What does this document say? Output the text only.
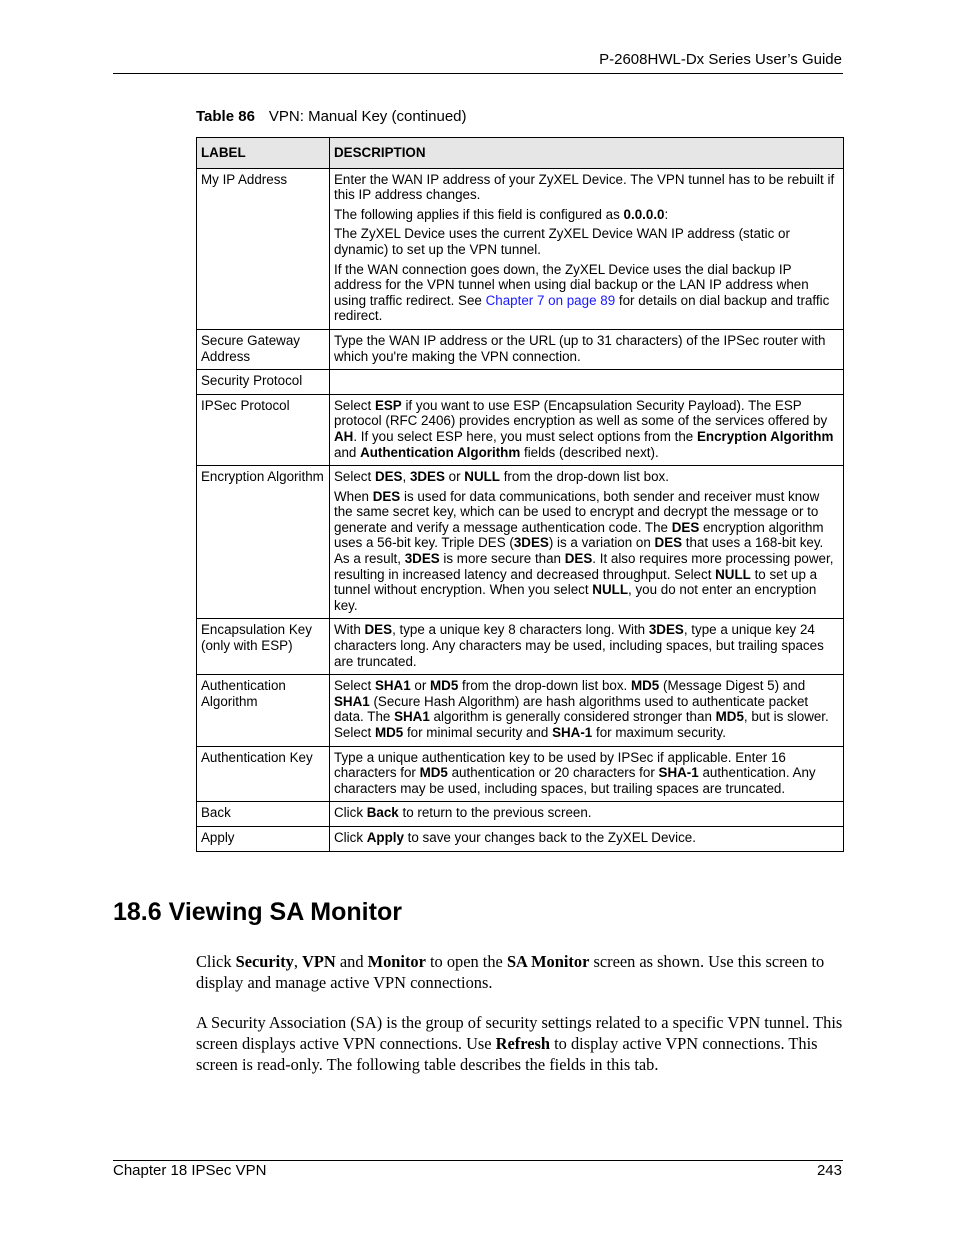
P-2608HWL-Dx Series User’s Guide
Table 86 VPN: Manual Key (continued)
LABEL	DESCRIPTION
My IP Address	Enter the WAN IP address of your ZyXEL Device. The VPN tunnel has to be rebuilt if this IP address changes.

The following applies if this field is configured as 0.0.0.0:

The ZyXEL Device uses the current ZyXEL Device WAN IP address (static or dynamic) to set up the VPN tunnel.

If the WAN connection goes down, the ZyXEL Device uses the dial backup IP address for the VPN tunnel when using dial backup or the LAN IP address when using traffic redirect. See Chapter 7 on page 89 for details on dial backup and traffic redirect.

Secure Gateway Address	Type the WAN IP address or the URL (up to 31 characters) of the IPSec router with which you're making the VPN connection.

Security Protocol	
IPSec Protocol	Select ESP if you want to use ESP (Encapsulation Security Payload). The ESP protocol (RFC 2406) provides encryption as well as some of the services offered by AH. If you select ESP here, you must select options from the Encryption Algorithm and Authentication Algorithm fields (described next).

Encryption Algorithm	Select DES, 3DES or NULL from the drop-down list box.

When DES is used for data communications, both sender and receiver must know the same secret key, which can be used to encrypt and decrypt the message or to generate and verify a message authentication code. The DES encryption algorithm uses a 56-bit key. Triple DES (3DES) is a variation on DES that uses a 168-bit key. As a result, 3DES is more secure than DES. It also requires more processing power, resulting in increased latency and decreased throughput. Select NULL to set up a tunnel without encryption. When you select NULL, you do not enter an encryption key.

Encapsulation Key (only with ESP)	With DES, type a unique key 8 characters long. With 3DES, type a unique key 24 characters long. Any characters may be used, including spaces, but trailing spaces are truncated.

Authentication Algorithm	Select SHA1 or MD5 from the drop-down list box. MD5 (Message Digest 5) and SHA1 (Secure Hash Algorithm) are hash algorithms used to authenticate packet data. The SHA1 algorithm is generally considered stronger than MD5, but is slower. Select MD5 for minimal security and SHA-1 for maximum security.

Authentication Key	Type a unique authentication key to be used by IPSec if applicable. Enter 16 characters for MD5 authentication or 20 characters for SHA-1 authentication. Any characters may be used, including spaces, but trailing spaces are truncated.

Back	Click Back to return to the previous screen.

Apply	Click Apply to save your changes back to the ZyXEL Device.

18.6 Viewing SA Monitor

Click Security, VPN and Monitor to open the SA Monitor screen as shown. Use this screen to display and manage active VPN connections.

A Security Association (SA) is the group of security settings related to a specific VPN tunnel. This screen displays active VPN connections. Use Refresh to display active VPN connections. This screen is read-only. The following table describes the fields in this tab.

Chapter 18 IPSec VPN	243
